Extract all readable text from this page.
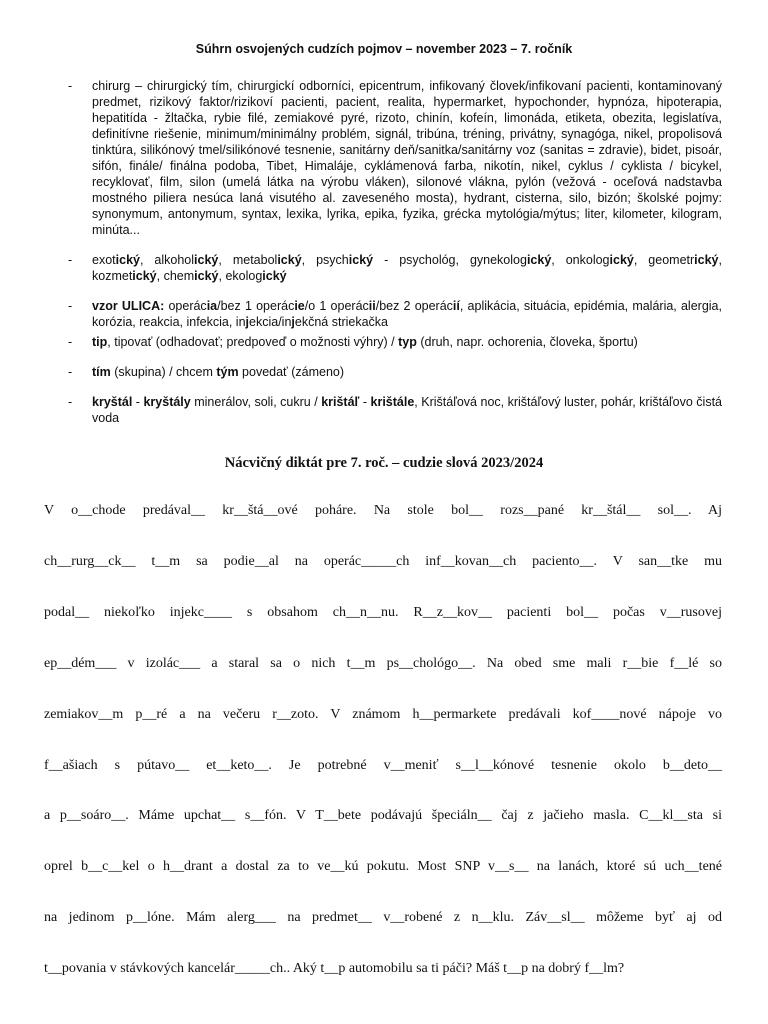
Súhrn osvojených cudzích pojmov – november 2023 – 7. ročník
- chirurg – chirurgický tím, chirurgickí odborníci, epicentrum, infikovaný človek/infikovaní pacienti, kontaminovaný predmet, rizikový faktor/rizikoví pacienti, pacient, realita, hypermarket, hypochonder, hypnóza, hipoterapia, hepatitída - žltačka, rybie filé, zemiakové pyré, rizoto, chinín, kofeín, limonáda, etiketa, obezita, legislatíva, definitívne riešenie, minimum/minimálny problém, signál, tribúna, tréning, privátny, synagóga, nikel, propolisová tinktúra, silikónový tmel/silikónové tesnenie, sanitárny deň/sanitka/sanitárny voz (sanitas = zdravie), bidet, pisoár, sifón, finále/ finálna podoba, Tibet, Himaláje, cyklámenová farba, nikotín, nikel, cyklus / cyklista / bicykel, recyklovať, film, silon (umelá látka na výrobu vláken), silonové vlákna, pylón (vežová - oceľová nadstavba mostného piliera nesúca laná visutého al. zaveseného mosta), hydrant, cisterna, silo, bizón; školské pojmy: synonymum, antonymum, syntax, lexika, lyrika, epika, fyzika, grécka mytológia/mýtus; liter, kilometer, kilogram, minúta...
- exotický, alkoholický, metabolický, psychický - psychológ, gynekologický, onkologický, geometrický, kozmetický, chemický, ekologický
- vzor ULICA: operácia/bez 1 operácie/o 1 operácii/bez 2 operácií, aplikácia, situácia, epidémia, malária, alergia, korózia, reakcia, infekcia, injekcia/injekčná striekačka
- tip, tipovať (odhadovať; predpoveď o možnosti výhry) / typ (druh, napr. ochorenia, človeka, športu)
- tím (skupina) / chcem tým povedať (zámeno)
- kryštál - kryštály minerálov, soli, cukru / krištáľ - krištále, Krištáľová noc, krištáľový luster, pohár, krištáľovo čistá voda
Nácvičný diktát pre 7. roč. – cudzie slová 2023/2024
V o__chode predával__ kr__štá__ové poháre. Na stole bol__ rozs__pané kr__štál__ sol__. Aj
ch__rurg__ck__ t__m sa podie__al na operác_____ch inf__kovan__ch paciento__. V san__tke mu
podal__ niekoľko injekc____ s obsahom ch__n__nu. R__z__kov__ pacienti bol__ počas v__rusovej
ep__dém___ v izolác___ a staral sa o nich t__m ps__chológo__. Na obed sme mali r__bie f__lé so
zemiakov__m p__ré a na večeru r__zoto. V známom h__permarkete predávali kof____nové nápoje vo
f__ašiach s pútavo__ et__keto__. Je potrebné v__meniť s__l__kónové tesnenie okolo b__deto__
a p__soáro__. Máme upchat__ s__fón. V T__bete podávajú špeciáln__ čaj z jačieho masla. C__kl__sta si
oprel b__c__kel o h__drant a dostal za to ve__kú pokutu. Most SNP v__s__ na lanách, ktoré sú uch__tené
na jedinom p__lóne. Mám alerg___ na predmet__ v__robené z n__klu. Záv__sl__ môžeme byť aj od
t__povania v stávkových kancelár_____ch.. Aký t__p automobilu sa ti páči? Máš t__p na dobrý f__lm?
